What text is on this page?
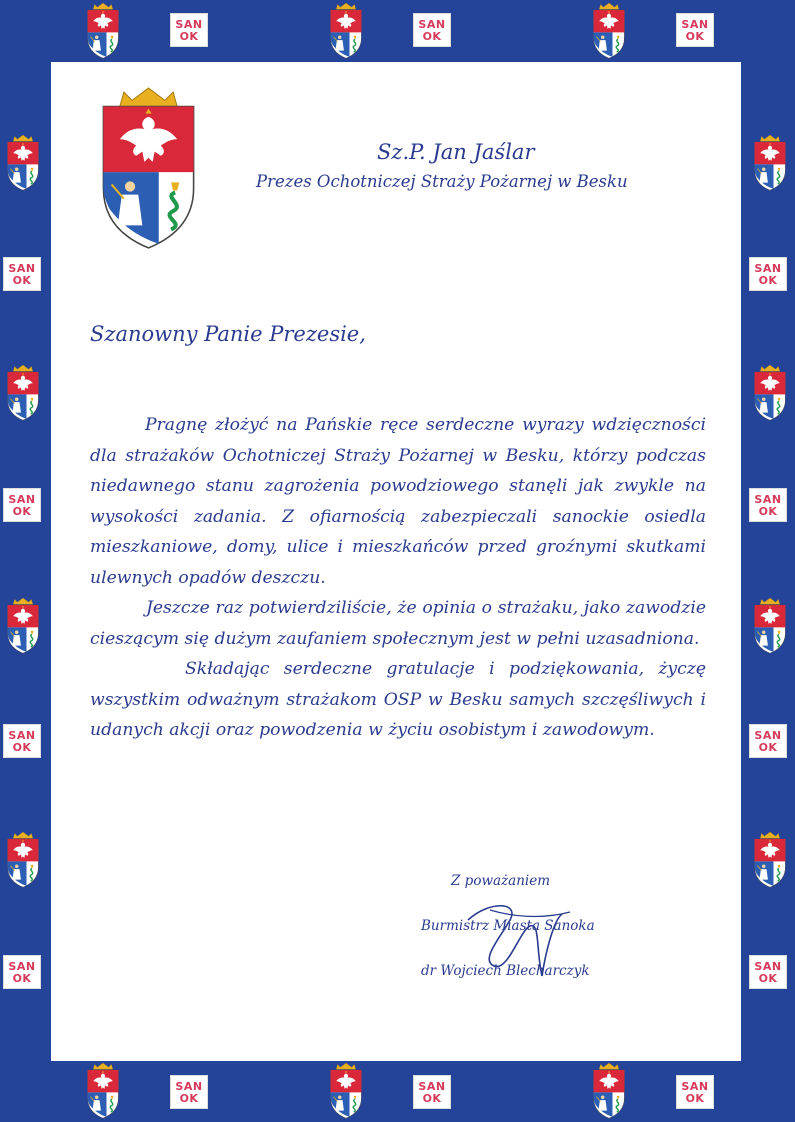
SAN
OK
SAN
OK
SAN
OK
SAN
OK
SAN
OK
SAN
OK
SAN
OK
SAN
OK
SAN
OK
SAN
OK
SAN
OK
SAN
OK
SAN
OK
SAN
OK
Sz.P. Jan Jaślar
Prezes Ochotniczej Straży Pożarnej w Besku
Szanowny Panie Prezesie,

Pragnę złożyć na Pańskie ręce serdeczne wyrazy wdzięczności dla strażaków Ochotniczej Straży Pożarnej w Besku, którzy podczas niedawnego stanu zagrożenia powodziowego stanęli jak zwykle na wysokości zadania. Z ofiarnością zabezpieczali sanockie osiedla mieszkaniowe, domy, ulice i mieszkańców przed groźnymi skutkami ulewnych opadów deszczu.

Jeszcze raz potwierdziliście, że opinia o strażaku, jako zawodzie cieszącym się dużym zaufaniem społecznym jest w pełni uzasadniona.

Składając serdeczne gratulacje i podziękowania, życzę wszystkim odważnym strażakom OSP w Besku samych szczęśliwych i udanych akcji oraz powodzenia w życiu osobistym i zawodowym.

Z poważaniem
Burmistrz Miasta Sanoka
dr Wojciech Blecharczyk
